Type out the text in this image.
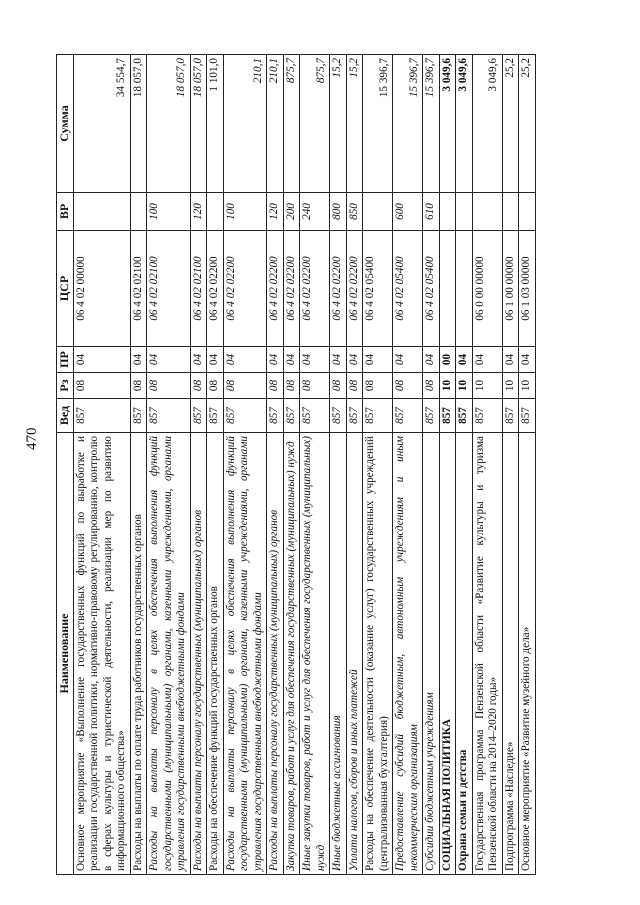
470
Наименование	Вед	Рз	ПР	ЦСР	ВР	Сумма
Основное мероприятие «Выполнение государственных функций по выработке и реализации государственной политики, нормативно-правовому регулированию, контролю в сферах культуры и туристической деятельности, реализации мер по развитию информационного общества»	857	08	04	06 4 02 00000		34 554,7
Расходы на выплаты по оплате труда работников государственных органов	857	08	04	06 4 02 02100		18 057,0
Расходы на выплаты персоналу в целях обеспечения выполнения функций государственными (муниципальными) органами, казенными учреждениями, органами управления государственными внебюджетными фондами	857	08	04	06 4 02 02100	100	18 057,0
Расходы на выплаты персоналу государственных (муниципальных) органов	857	08	04	06 4 02 02100	120	18 057,0
Расходы на обеспечение функций государственных органов	857	08	04	06 4 02 02200		1 101,0
Расходы на выплаты персоналу в целях обеспечения выполнения функций государственными (муниципальными) органами, казенными учреждениями, органами управления государственными внебюджетными фондами	857	08	04	06 4 02 02200	100	210,1
Расходы на выплаты персоналу государственных (муниципальных) органов	857	08	04	06 4 02 02200	120	210,1
Закупка товаров, работ и услуг для обеспечения государственных (муниципальных) нужд	857	08	04	06 4 02 02200	200	875,7
Иные закупки товаров, работ и услуг для обеспечения государственных (муниципальных) нужд	857	08	04	06 4 02 02200	240	875,7
Иные бюджетные ассигнования	857	08	04	06 4 02 02200	800	15,2
Уплата налогов, сборов и иных платежей	857	08	04	06 4 02 02200	850	15,2
Расходы на обеспечение деятельности (оказание услуг) государственных учреждений (централизованная бухгалтерия)	857	08	04	06 4 02 05400		15 396,7
Предоставление субсидий бюджетным, автономным учреждениям и иным некоммерческим организациям	857	08	04	06 4 02 05400	600	15 396,7
Субсидии бюджетным учреждениям	857	08	04	06 4 02 05400	610	15 396,7
СОЦИАЛЬНАЯ ПОЛИТИКА	857	10	00			3 049,6
Охрана семьи и детства	857	10	04			3 049,6
Государственная программа Пензенской области «Развитие культуры и туризма Пензенской области на 2014–2020 годы»	857	10	04	06 0 00 00000		3 049,6
Подпрограмма «Наследие»	857	10	04	06 1 00 00000		25,2
Основное мероприятие «Развитие музейного дела»	857	10	04	06 1 03 00000		25,2
